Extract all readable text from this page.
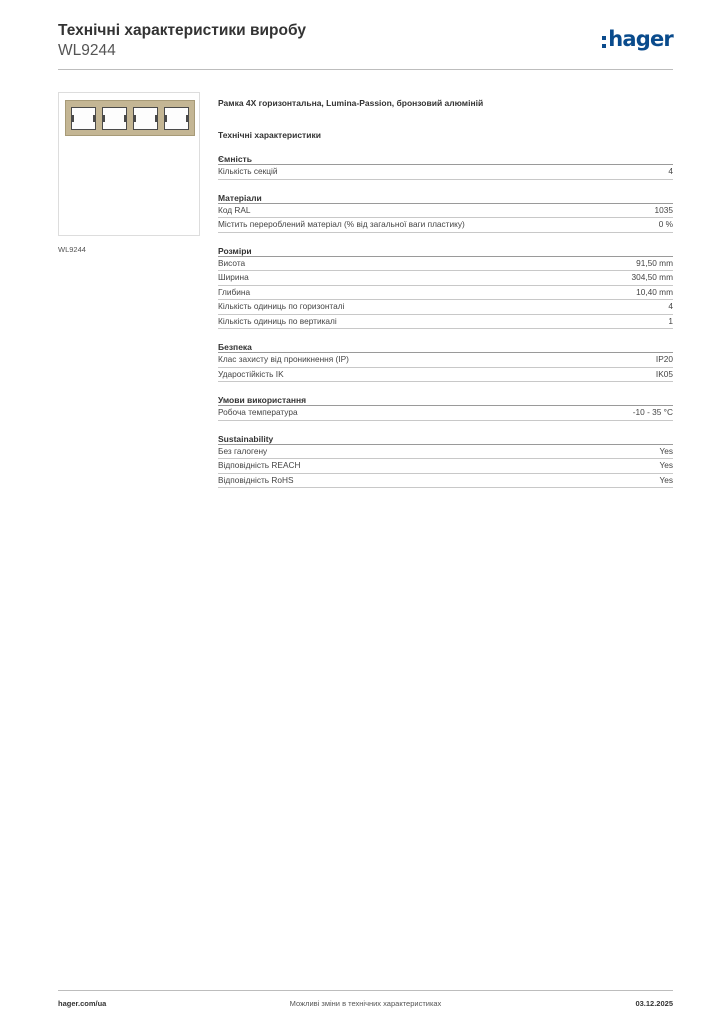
Технічні характеристики виробу
WL9244	hager
WL9244
Рамка 4X горизонтальна, Lumina-Passion, бронзовий алюміній
Технічні характеристики
Ємність
Кількість секцій	4
Матеріали
Код RAL	1035
Містить перероблений матеріал (% від загальної ваги пластику)	0 %
Розміри
Висота	91,50 mm
Ширина	304,50 mm
Глибина	10,40 mm
Кількість одиниць по горизонталі	4
Кількість одиниць по вертикалі	1
Безпека
Клас захисту від проникнення (IP)	IP20
Ударостійкість IK	IK05
Умови використання
Робоча температура	-10 - 35 °C
Sustainability
Без галогену	Yes
Відповідність REACH	Yes
Відповідність RoHS	Yes
hager.com/ua	Можливі зміни в технічних характеристиках	03.12.2025
